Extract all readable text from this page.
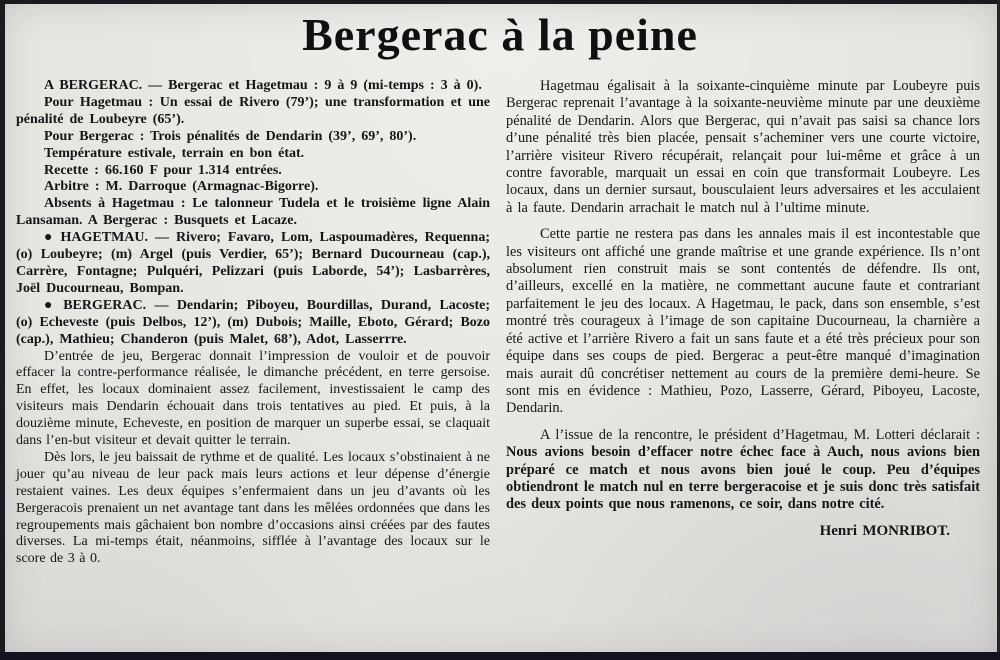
Bergerac à la peine

A BERGERAC. — Bergerac et Hagetmau : 9 à 9 (mi-temps : 3 à 0).

Pour Hagetmau : Un essai de Rivero (79’); une transformation et une pénalité de Loubeyre (65’).

Pour Bergerac : Trois pénalités de Dendarin (39’, 69’, 80’).

Température estivale, terrain en bon état.

Recette : 66.160 F pour 1.314 entrées.

Arbitre : M. Darroque (Armagnac-Bigorre).

Absents à Hagetmau : Le talonneur Tudela et le troisième ligne Alain Lansaman. A Bergerac : Busquets et Lacaze.

● HAGETMAU. — Rivero; Favaro, Lom, Laspoumadères, Requenna; (o) Loubeyre; (m) Argel (puis Verdier, 65’); Bernard Ducourneau (cap.), Carrère, Fontagne; Pulquéri, Pelizzari (puis Laborde, 54’); Lasbarrères, Joël Ducourneau, Bompan.

● BERGERAC. — Dendarin; Piboyeu, Bourdillas, Durand, Lacoste; (o) Echeveste (puis Delbos, 12’), (m) Dubois; Maille, Eboto, Gérard; Bozo (cap.), Mathieu; Chanderon (puis Malet, 68’), Adot, Lasserrre.

D’entrée de jeu, Bergerac donnait l’impression de vouloir et de pouvoir effacer la contre-performance réalisée, le dimanche précédent, en terre gersoise. En effet, les locaux dominaient assez facilement, investissaient le camp des visiteurs mais Dendarin échouait dans trois tentatives au pied. Et puis, à la douzième minute, Echeveste, en position de marquer un superbe essai, se claquait dans l’en-but visiteur et devait quitter le terrain.

Dès lors, le jeu baissait de rythme et de qualité. Les locaux s’obstinaient à ne jouer qu’au niveau de leur pack mais leurs actions et leur dépense d’énergie restaient vaines. Les deux équipes s’enfermaient dans un jeu d’avants où les Bergeracois prenaient un net avantage tant dans les mêlées ordonnées que dans les regroupements mais gâchaient bon nombre d’occasions ainsi créées par des fautes diverses. La mi-temps était, néanmoins, sifflée à l’avantage des locaux sur le score de 3 à 0.

Hagetmau égalisait à la soixante-cinquième minute par Loubeyre puis Bergerac reprenait l’avantage à la soixante-neuvième minute par une deuxième pénalité de Dendarin. Alors que Bergerac, qui n’avait pas saisi sa chance lors d’une pénalité très bien placée, pensait s’acheminer vers une courte victoire, l’arrière visiteur Rivero récupérait, relançait pour lui-même et grâce à un contre favorable, marquait un essai en coin que transformait Loubeyre. Les locaux, dans un dernier sursaut, bousculaient leurs adversaires et les acculaient à la faute. Dendarin arrachait le match nul à l’ultime minute.

Cette partie ne restera pas dans les annales mais il est incontestable que les visiteurs ont affiché une grande maîtrise et une grande expérience. Ils n’ont absolument rien construit mais se sont contentés de défendre. Ils ont, d’ailleurs, excellé en la matière, ne commettant aucune faute et contrariant parfaitement le jeu des locaux. A Hagetmau, le pack, dans son ensemble, s’est montré très courageux à l’image de son capitaine Ducourneau, la charnière a été active et l’arrière Rivero a fait un sans faute et a été très précieux pour son équipe dans ses coups de pied. Bergerac a peut-être manqué d’imagination mais aurait dû concrétiser nettement au cours de la première demi-heure. Se sont mis en évidence : Mathieu, Pozo, Lasserre, Gérard, Piboyeu, Lacoste, Dendarin.

A l’issue de la rencontre, le président d’Hagetmau, M. Lotteri déclarait : Nous avions besoin d’effacer notre échec face à Auch, nous avions bien préparé ce match et nous avons bien joué le coup. Peu d’équipes obtiendront le match nul en terre bergeracoise et je suis donc très satisfait des deux points que nous ramenons, ce soir, dans notre cité.

Henri MONRIBOT.
